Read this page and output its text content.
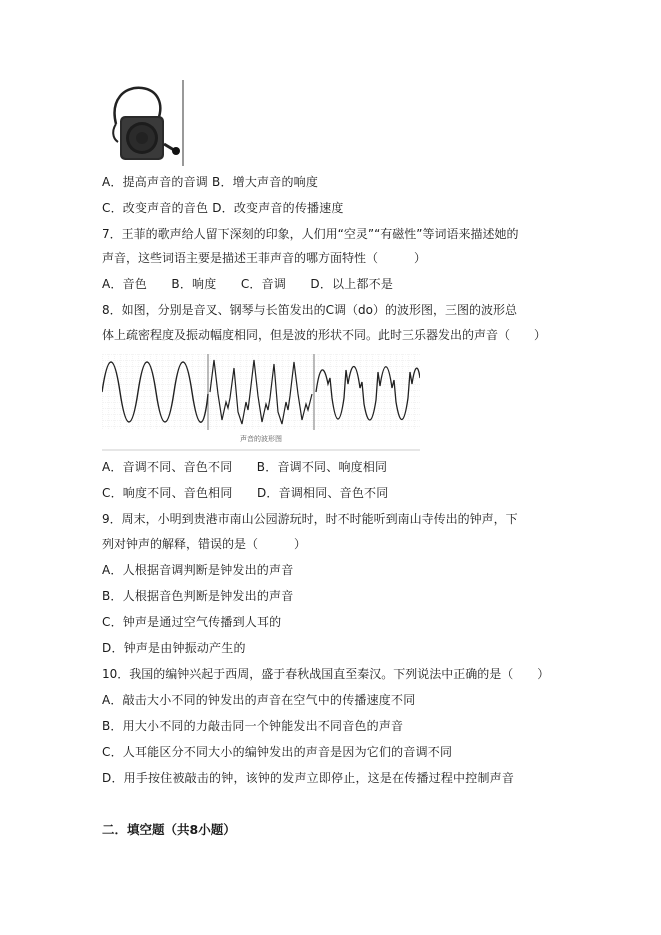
A．提高声音的音调 B．增大声音的响度
C．改变声音的音色 D．改变声音的传播速度
7．王菲的歌声给人留下深刻的印象，人们用“空灵”“有磁性”等词语来描述她的
声音，这些词语主要是描述王菲声音的哪方面特性（　　　）
A．音色　　B．响度　　C．音调　　D．以上都不是
8．如图，分别是音叉、钢琴与长笛发出的C调（do）的波形图，三图的波形总
体上疏密程度及振动幅度相同，但是波的形状不同。此时三乐器发出的声音（　　）
声音的波形图
A．音调不同、音色不同　　B．音调不同、响度相同
C．响度不同、音色相同　　D．音调相同、音色不同
9．周末，小明到贵港市南山公园游玩时，时不时能听到南山寺传出的钟声，下
列对钟声的解释，错误的是（　　　）
A．人根据音调判断是钟发出的声音
B．人根据音色判断是钟发出的声音
C．钟声是通过空气传播到人耳的
D．钟声是由钟振动产生的
10．我国的编钟兴起于西周，盛于春秋战国直至秦汉。下列说法中正确的是（　　）
A．敲击大小不同的钟发出的声音在空气中的传播速度不同
B．用大小不同的力敲击同一个钟能发出不同音色的声音
C．人耳能区分不同大小的编钟发出的声音是因为它们的音调不同
D．用手按住被敲击的钟，该钟的发声立即停止，这是在传播过程中控制声音
二．填空题（共8小题）
